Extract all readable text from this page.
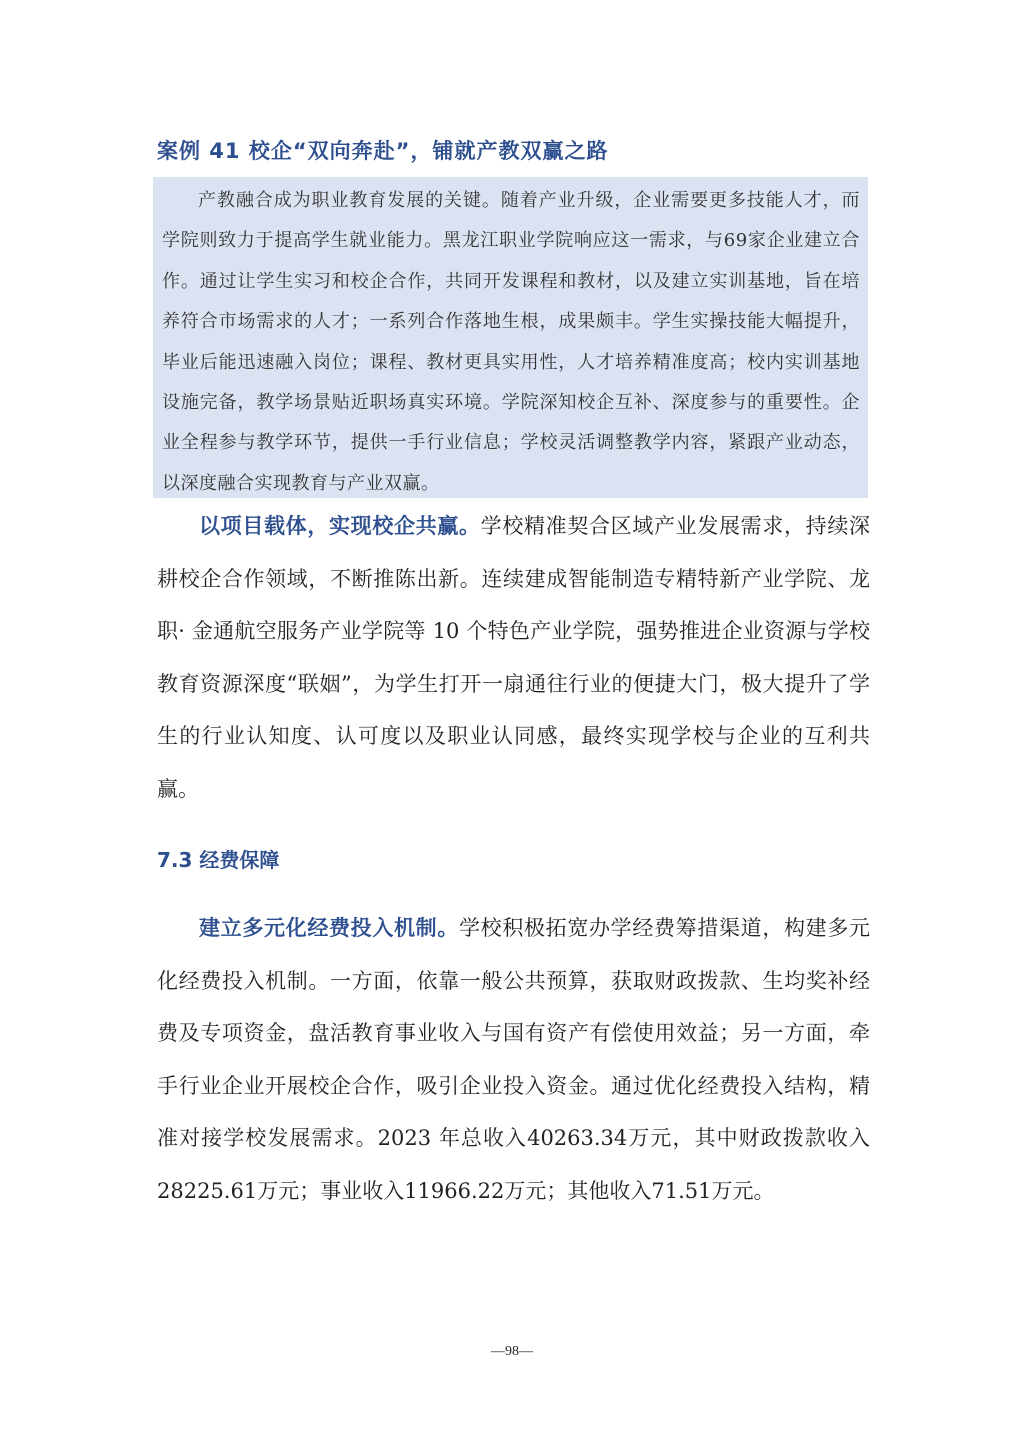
案例 41 校企“双向奔赴”，铺就产教双赢之路

产教融合成为职业教育发展的关键。随着产业升级，企业需要更多技能人才，而学院则致力于提高学生就业能力。黑龙江职业学院响应这一需求，与69家企业建立合作。通过让学生实习和校企合作，共同开发课程和教材，以及建立实训基地，旨在培养符合市场需求的人才；一系列合作落地生根，成果颇丰。学生实操技能大幅提升，毕业后能迅速融入岗位；课程、教材更具实用性，人才培养精准度高；校内实训基地设施完备，教学场景贴近职场真实环境。学院深知校企互补、深度参与的重要性。企业全程参与教学环节，提供一手行业信息；学校灵活调整教学内容，紧跟产业动态，以深度融合实现教育与产业双赢。

以项目载体，实现校企共赢。学校精准契合区域产业发展需求，持续深耕校企合作领域，不断推陈出新。连续建成智能制造专精特新产业学院、龙职· 金通航空服务产业学院等 10 个特色产业学院，强势推进企业资源与学校教育资源深度“联姻”，为学生打开一扇通往行业的便捷大门，极大提升了学生的行业认知度、认可度以及职业认同感，最终实现学校与企业的互利共赢。

7.3 经费保障

建立多元化经费投入机制。学校积极拓宽办学经费筹措渠道，构建多元化经费投入机制。一方面，依靠一般公共预算，获取财政拨款、生均奖补经费及专项资金，盘活教育事业收入与国有资产有偿使用效益；另一方面，牵手行业企业开展校企合作，吸引企业投入资金。通过优化经费投入结构，精准对接学校发展需求。2023 年总收入40263.34万元，其中财政拨款收入28225.61万元；事业收入11966.22万元；其他收入71.51万元。

—98—
